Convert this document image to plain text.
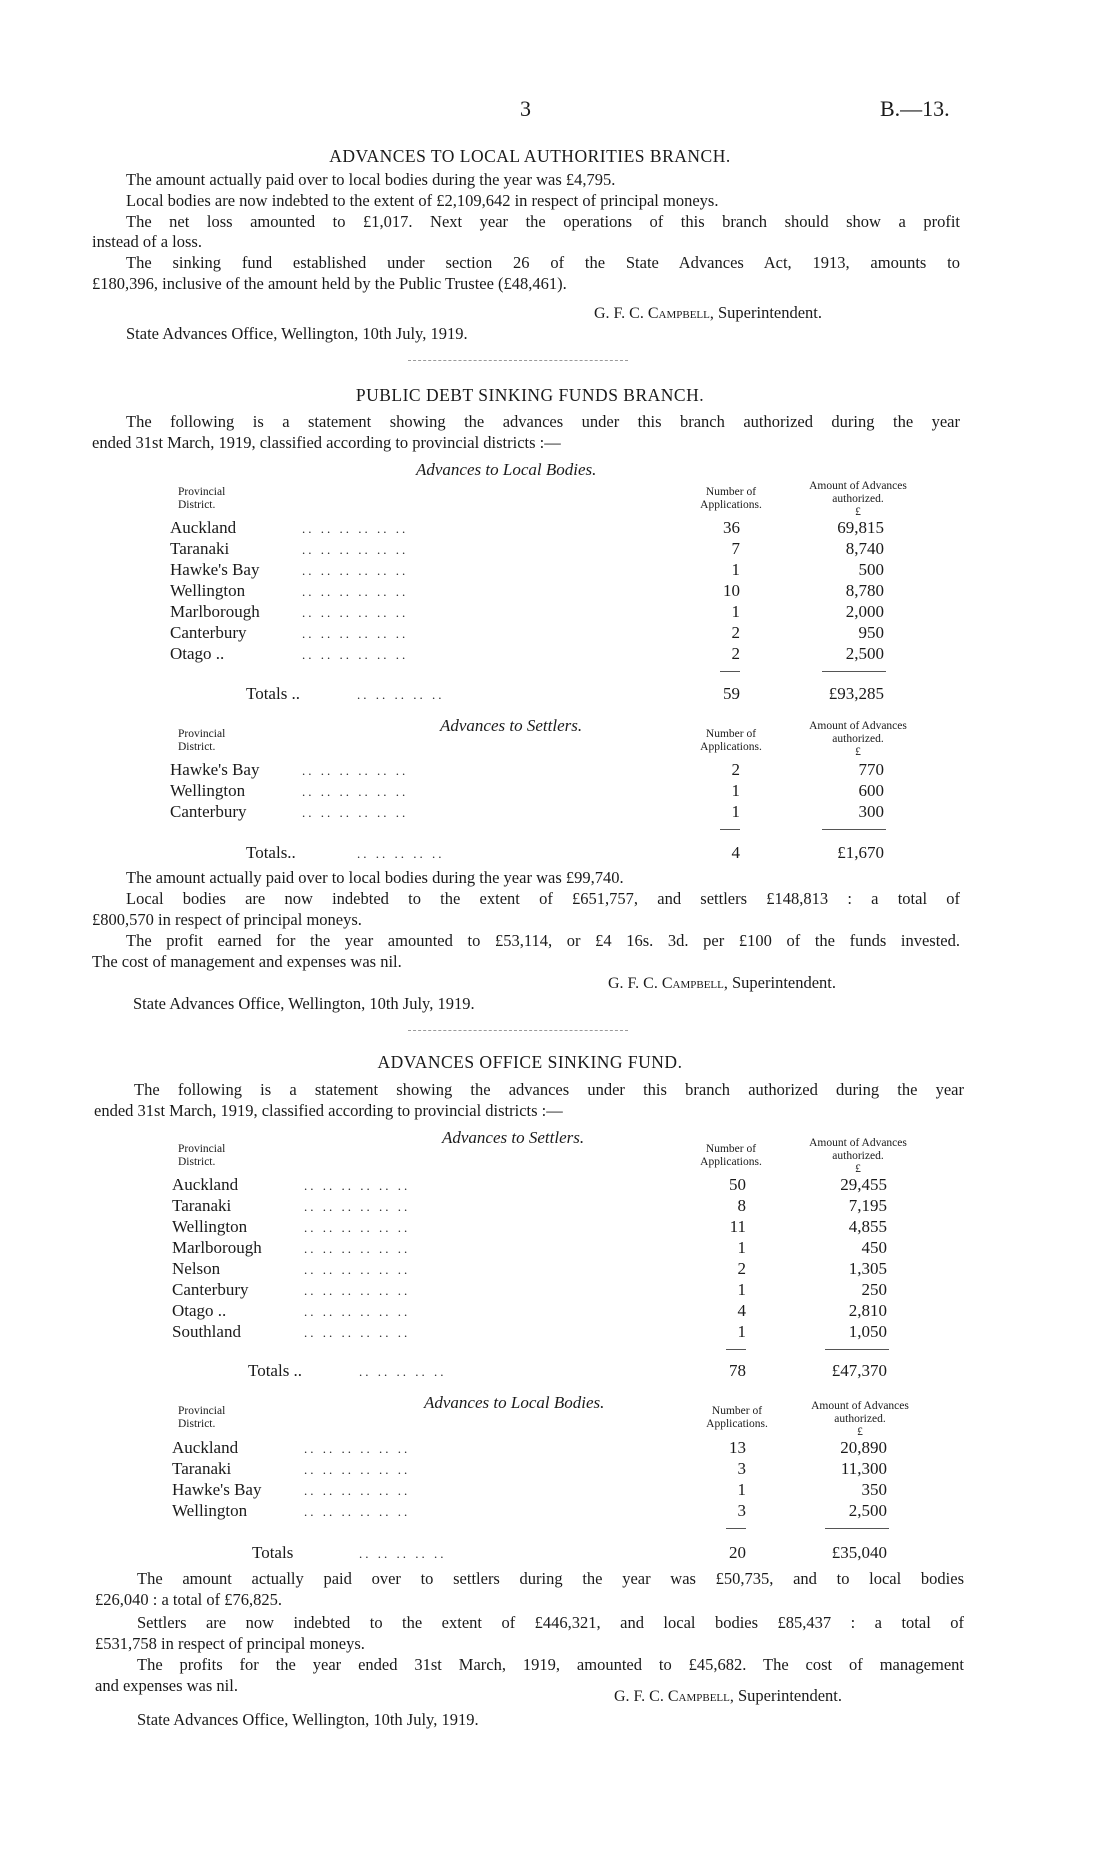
3	B.—13.
ADVANCES TO LOCAL AUTHORITIES BRANCH.
The amount actually paid over to local bodies during the year was £4,795.
Local bodies are now indebted to the extent of £2,109,642 in respect of principal moneys.
The net loss amounted to £1,017. Next year the operations of this branch should show a profit
instead of a loss.
The sinking fund established under section 26 of the State Advances Act, 1913, amounts to
£180,396, inclusive of the amount held by the Public Trustee (£48,461).
G. F. C. Campbell, Superintendent.
State Advances Office, Wellington, 10th July, 1919.
PUBLIC DEBT SINKING FUNDS BRANCH.
The following is a statement showing the advances under this branch authorized during the year
ended 31st March, 1919, classified according to provincial districts :—
Advances to Local Bodies.
Provincial District.
Number of Applications.
Amount of Advances authorized.
£
Advances to Settlers.
Provincial District.
Number of Applications.
Amount of Advances authorized.
£
The amount actually paid over to local bodies during the year was £99,740.
Local bodies are now indebted to the extent of £651,757, and settlers £148,813 : a total of
£800,570 in respect of principal moneys.
The profit earned for the year amounted to £53,114, or £4 16s. 3d. per £100 of the funds invested.
The cost of management and expenses was nil.
G. F. C. Campbell, Superintendent.
State Advances Office, Wellington, 10th July, 1919.
ADVANCES OFFICE SINKING FUND.
The following is a statement showing the advances under this branch authorized during the year
ended 31st March, 1919, classified according to provincial districts :—
Advances to Settlers.
Provincial District.
Number of Applications.
Amount of Advances authorized.
£
Advances to Local Bodies.
Provincial District.
Number of Applications.
Amount of Advances authorized.
£
The amount actually paid over to settlers during the year was £50,735, and to local bodies
£26,040 : a total of £76,825.
Settlers are now indebted to the extent of £446,321, and local bodies £85,437 : a total of
£531,758 in respect of principal moneys.
The profits for the year ended 31st March, 1919, amounted to £45,682. The cost of management
and expenses was nil.
G. F. C. Campbell, Superintendent.
State Advances Office, Wellington, 10th July, 1919.
Auckland	.. .. .. .. .. ..	36	69,815
Taranaki	.. .. .. .. .. ..	7	8,740
Hawke's Bay	.. .. .. .. .. ..	1	500
Wellington	.. .. .. .. .. ..	10	8,780
Marlborough	.. .. .. .. .. ..	1	2,000
Canterbury	.. .. .. .. .. ..	2	950
Otago ..	.. .. .. .. .. ..	2	2,500
Totals ..	.. .. .. .. ..	59	£93,285
Hawke's Bay	.. .. .. .. .. ..	2	770
Wellington	.. .. .. .. .. ..	1	600
Canterbury	.. .. .. .. .. ..	1	300
Totals..	.. .. .. .. ..	4	£1,670
Auckland	.. .. .. .. .. ..	50	29,455
Taranaki	.. .. .. .. .. ..	8	7,195
Wellington	.. .. .. .. .. ..	11	4,855
Marlborough	.. .. .. .. .. ..	1	450
Nelson	.. .. .. .. .. ..	2	1,305
Canterbury	.. .. .. .. .. ..	1	250
Otago ..	.. .. .. .. .. ..	4	2,810
Southland	.. .. .. .. .. ..	1	1,050
Totals ..	.. .. .. .. ..	78	£47,370
Auckland	.. .. .. .. .. ..	13	20,890
Taranaki	.. .. .. .. .. ..	3	11,300
Hawke's Bay	.. .. .. .. .. ..	1	350
Wellington	.. .. .. .. .. ..	3	2,500
Totals	.. .. .. .. ..	20	£35,040
